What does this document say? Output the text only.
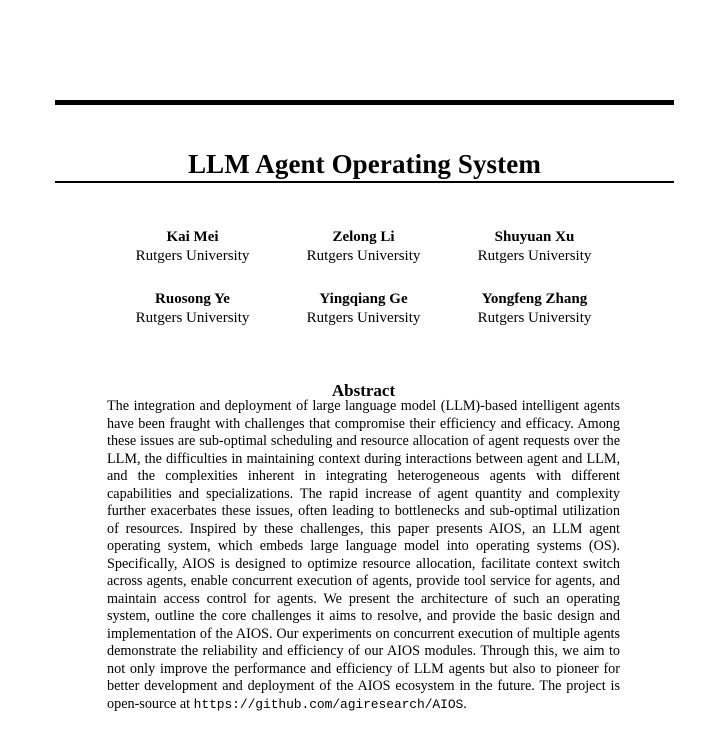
LLM Agent Operating System
Kai Mei
Rutgers University
Zelong Li
Rutgers University
Shuyuan Xu
Rutgers University
Ruosong Ye
Rutgers University
Yingqiang Ge
Rutgers University
Yongfeng Zhang
Rutgers University
Abstract
The integration and deployment of large language model (LLM)-based intelligent agents have been fraught with challenges that compromise their efficiency and efficacy. Among these issues are sub-optimal scheduling and resource allocation of agent requests over the LLM, the difficulties in maintaining context during interactions between agent and LLM, and the complexities inherent in integrating heterogeneous agents with different capabilities and specializations. The rapid increase of agent quantity and complexity further exacerbates these issues, often leading to bottlenecks and sub-optimal utilization of resources. Inspired by these challenges, this paper presents AIOS, an LLM agent operating system, which embeds large language model into operating systems (OS). Specifically, AIOS is designed to optimize resource allocation, facilitate context switch across agents, enable concurrent execution of agents, provide tool service for agents, and maintain access control for agents. We present the architecture of such an operating system, outline the core challenges it aims to resolve, and provide the basic design and implementation of the AIOS. Our experiments on concurrent execution of multiple agents demonstrate the reliability and efficiency of our AIOS modules. Through this, we aim to not only improve the performance and efficiency of LLM agents but also to pioneer for better development and deployment of the AIOS ecosystem in the future. The project is open-source at https://github.com/agiresearch/AIOS.
